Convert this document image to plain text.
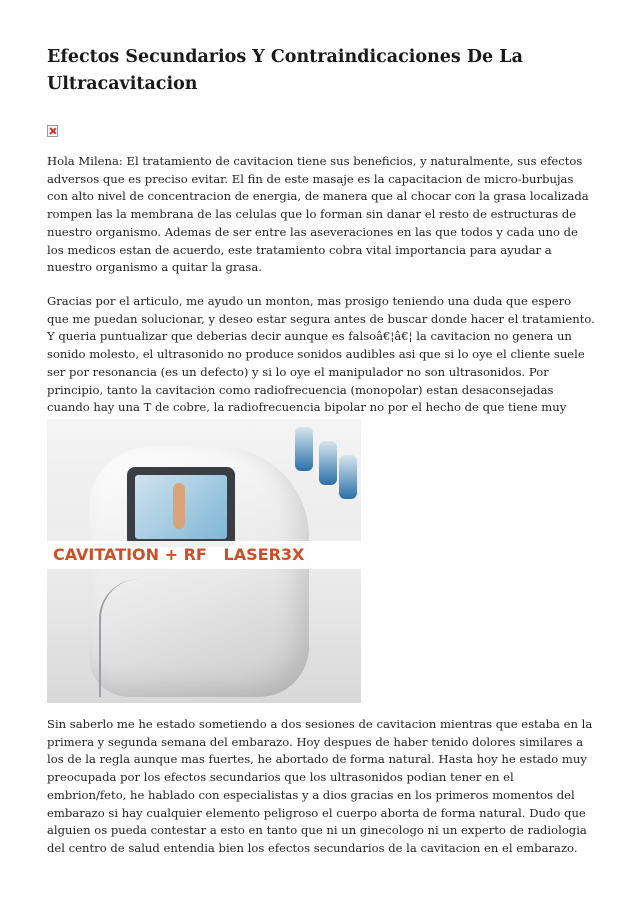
Efectos Secundarios Y Contraindicaciones De La Ultracavitacion

Hola Milena: El tratamiento de cavitacion tiene sus beneficios, y naturalmente, sus efectos adversos que es preciso evitar. El fin de este masaje es la capacitacion de micro-burbujas con alto nivel de concentracion de energia, de manera que al chocar con la grasa localizada rompen las la membrana de las celulas que lo forman sin danar el resto de estructuras de nuestro organismo. Ademas de ser entre las aseveraciones en las que todos y cada uno de los medicos estan de acuerdo, este tratamiento cobra vital importancia para ayudar a nuestro organismo a quitar la grasa.

Gracias por el articulo, me ayudo un monton, mas prosigo teniendo una duda que espero que me puedan solucionar, y deseo estar segura antes de buscar donde hacer el tratamiento. Y queria puntualizar que deberias decir aunque es falsoâ€¦â€¦ la cavitacion no genera un sonido molesto, el ultrasonido no produce sonidos audibles asi que si lo oye el cliente suele ser por resonancia (es un defecto) y si lo oye el manipulador no son ultrasonidos. Por principio, tanto la cavitacion como radiofrecuencia (monopolar) estan desaconsejadas cuando hay una T de cobre, la radiofrecuencia bipolar no por el hecho de que tiene muy

CAVITATION + RF   LASER3X

Sin saberlo me he estado sometiendo a dos sesiones de cavitacion mientras que estaba en la primera y segunda semana del embarazo. Hoy despues de haber tenido dolores similares a los de la regla aunque mas fuertes, he abortado de forma natural. Hasta hoy he estado muy preocupada por los efectos secundarios que los ultrasonidos podian tener en el embrion/feto, he hablado con especialistas y a dios gracias en los primeros momentos del embarazo si hay cualquier elemento peligroso el cuerpo aborta de forma natural. Dudo que alguien os pueda contestar a esto en tanto que ni un ginecologo ni un experto de radiologia del centro de salud entendia bien los efectos secundarios de la cavitacion en el embarazo.
